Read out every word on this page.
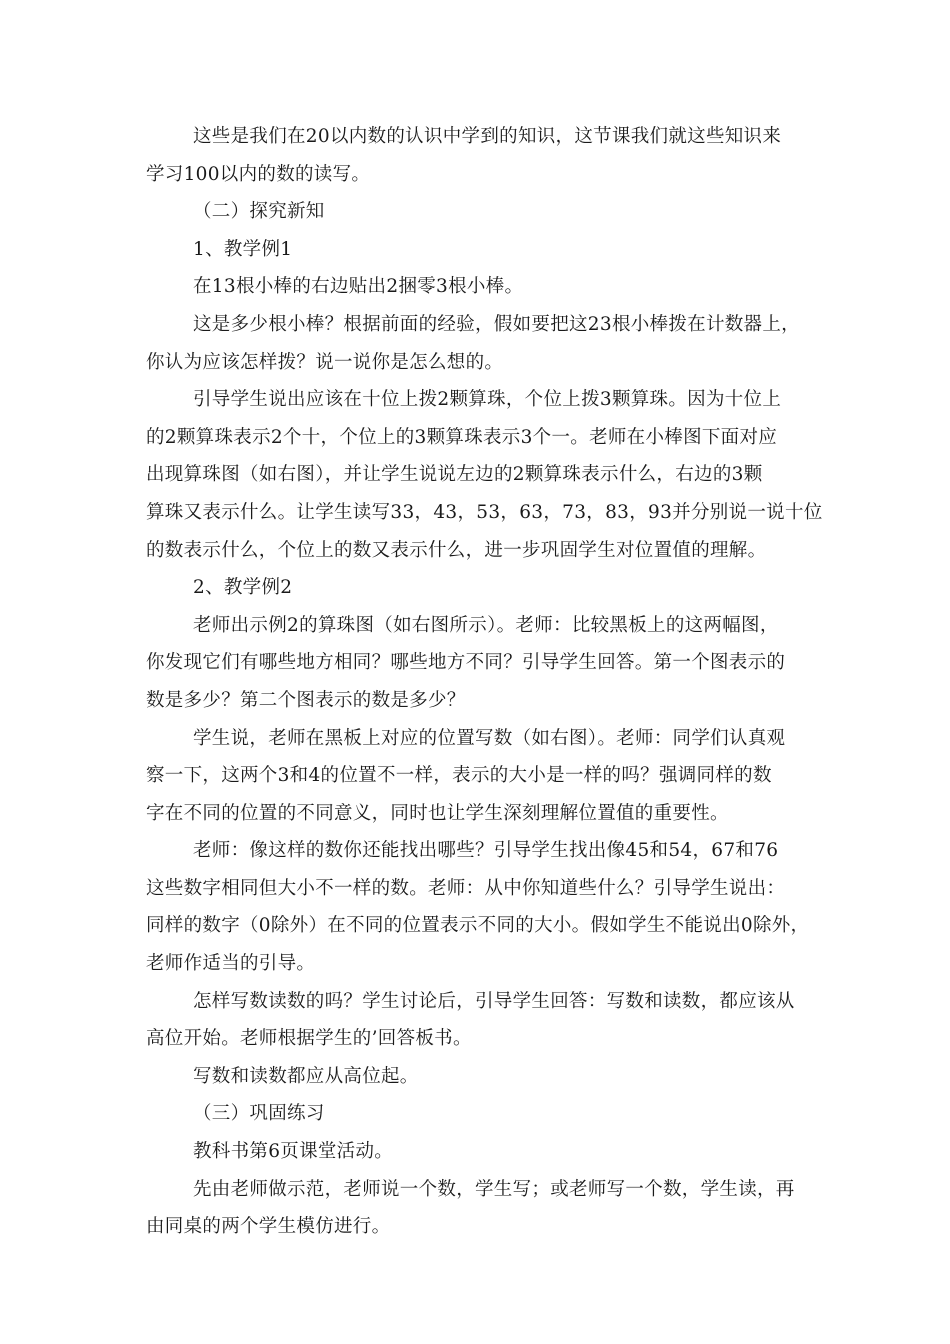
这些是我们在20以内数的认识中学到的知识，这节课我们就这些知识来
学习100以内的数的读写。
（二）探究新知
1、教学例1
在13根小棒的右边贴出2捆零3根小棒。
这是多少根小棒？根据前面的经验，假如要把这23根小棒拨在计数器上，
你认为应该怎样拨？说一说你是怎么想的。
引导学生说出应该在十位上拨2颗算珠，个位上拨3颗算珠。因为十位上
的2颗算珠表示2个十，个位上的3颗算珠表示3个一。老师在小棒图下面对应
出现算珠图（如右图），并让学生说说左边的2颗算珠表示什么，右边的3颗
算珠又表示什么。让学生读写33，43，53，63，73，83，93并分别说一说十位
的数表示什么，个位上的数又表示什么，进一步巩固学生对位置值的理解。
2、教学例2
老师出示例2的算珠图（如右图所示）。老师：比较黑板上的这两幅图，
你发现它们有哪些地方相同？哪些地方不同？引导学生回答。第一个图表示的
数是多少？第二个图表示的数是多少？
学生说，老师在黑板上对应的位置写数（如右图）。老师：同学们认真观
察一下，这两个3和4的位置不一样，表示的大小是一样的吗？强调同样的数
字在不同的位置的不同意义，同时也让学生深刻理解位置值的重要性。
老师：像这样的数你还能找出哪些？引导学生找出像45和54，67和76
这些数字相同但大小不一样的数。老师：从中你知道些什么？引导学生说出：
同样的数字（0除外）在不同的位置表示不同的大小。假如学生不能说出0除外，
老师作适当的引导。
怎样写数读数的吗？学生讨论后，引导学生回答：写数和读数，都应该从
高位开始。老师根据学生的’回答板书。
写数和读数都应从高位起。
（三）巩固练习
教科书第6页课堂活动。
先由老师做示范，老师说一个数，学生写；或老师写一个数，学生读，再
由同桌的两个学生模仿进行。
